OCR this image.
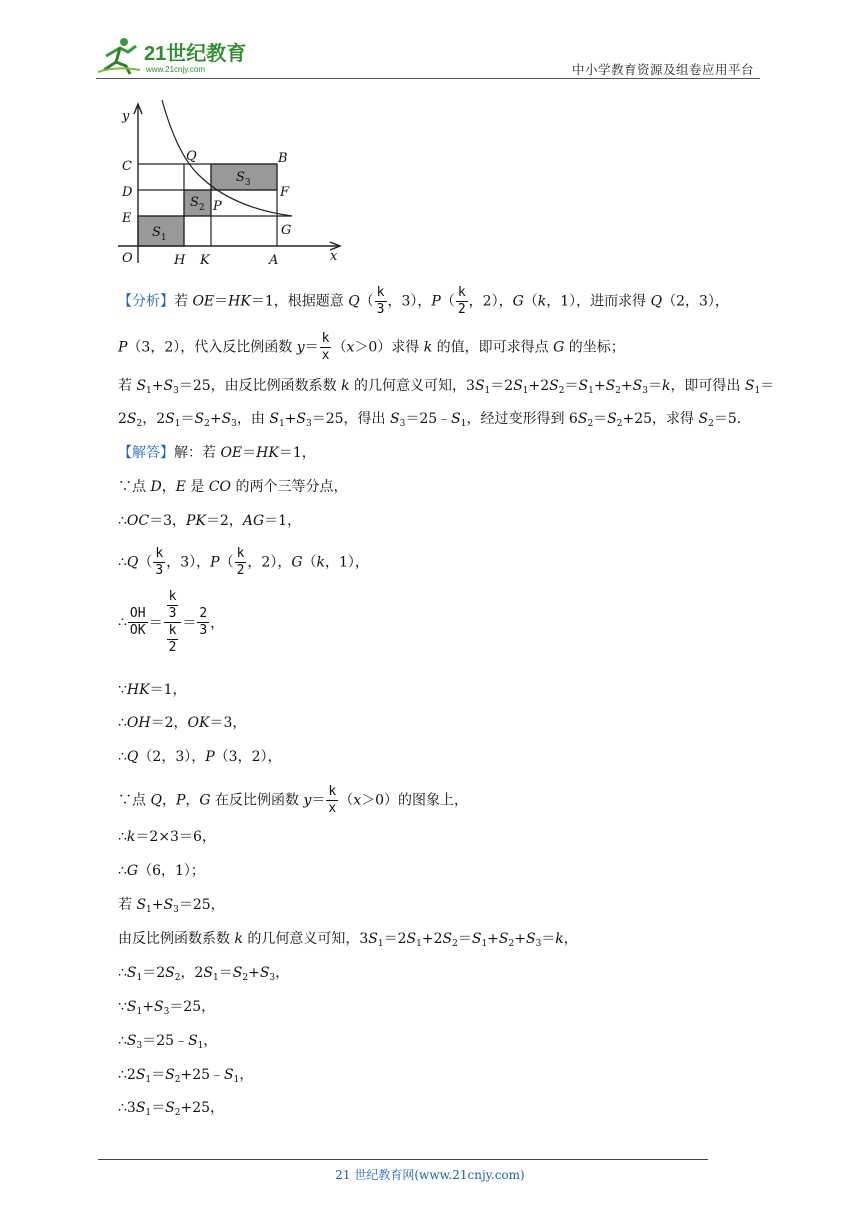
21世纪教育
www.21cnjy.com	中小学教育资源及组卷应用平台
y
x
O	H K	A
C
D
E
Q	B
F
P
G
$S_1$
$S_2$
$S_3$
【分析】若 OE＝HK＝1，根据题意 $Q( \frac{k}{3}$ ，3），$P( \frac{k}{2}$ ，2），G（k，1），进而求得 Q（2，3），
P（3，2），代入反比例函数 $y= \frac{k}{x} (x>0)$求得 k 的值，即可求得点 G 的坐标；
若 $S_1+S_3=25$，由反比例函数系数 k 的几何意义可知，$3S_1=2S_1+2S_2=S_1+S_2+S_3=k$，即可得出 $S_1=$
$2S_2$，$2S_1=S_2+S_3$，由 $S_1+S_3=25$，得出 $S_3=25﹣S_1$，经过变形得到 $6S_2=S_2+25$，求得 $S_2=5$．
【解答】解：若 OE＝HK＝1，
∵点 D，E 是 CO 的两个三等分点，
∴OC＝3，PK＝2，AG＝1，
∴Q（ $\frac{k}{3}$ ，3），$P( \frac{k}{2}$ ，2），G（k，1），
∴ $\frac{OH}{OK} = \frac{\frac{k}{3}}{\frac{k}{2}} = \frac{2}{3}$ ，
∵HK＝1，
∴OH＝2，OK＝3，
∴Q（2，3），P（3，2），
∵点 Q，P，G 在反比例函数 $y= \frac{k}{x} (x>0)$的图象上，
∴k＝2×3＝6，
∴G（6，1）；
若 $S_1+S_3=25$，
由反比例函数系数 k 的几何意义可知，$3S_1=2S_1+2S_2=S_1+S_2+S_3=k$，
$\therefore S_1=2S_2$，$2S_1=S_2+S_3$，
$\because S_1+S_3=25$，
$\therefore S_3=25﹣S_1$，
$\therefore 2S_1=S_2+25﹣S_1$，
$\therefore 3S_1=S_2+25$，
21 世纪教育网(www.21cnjy.com)
